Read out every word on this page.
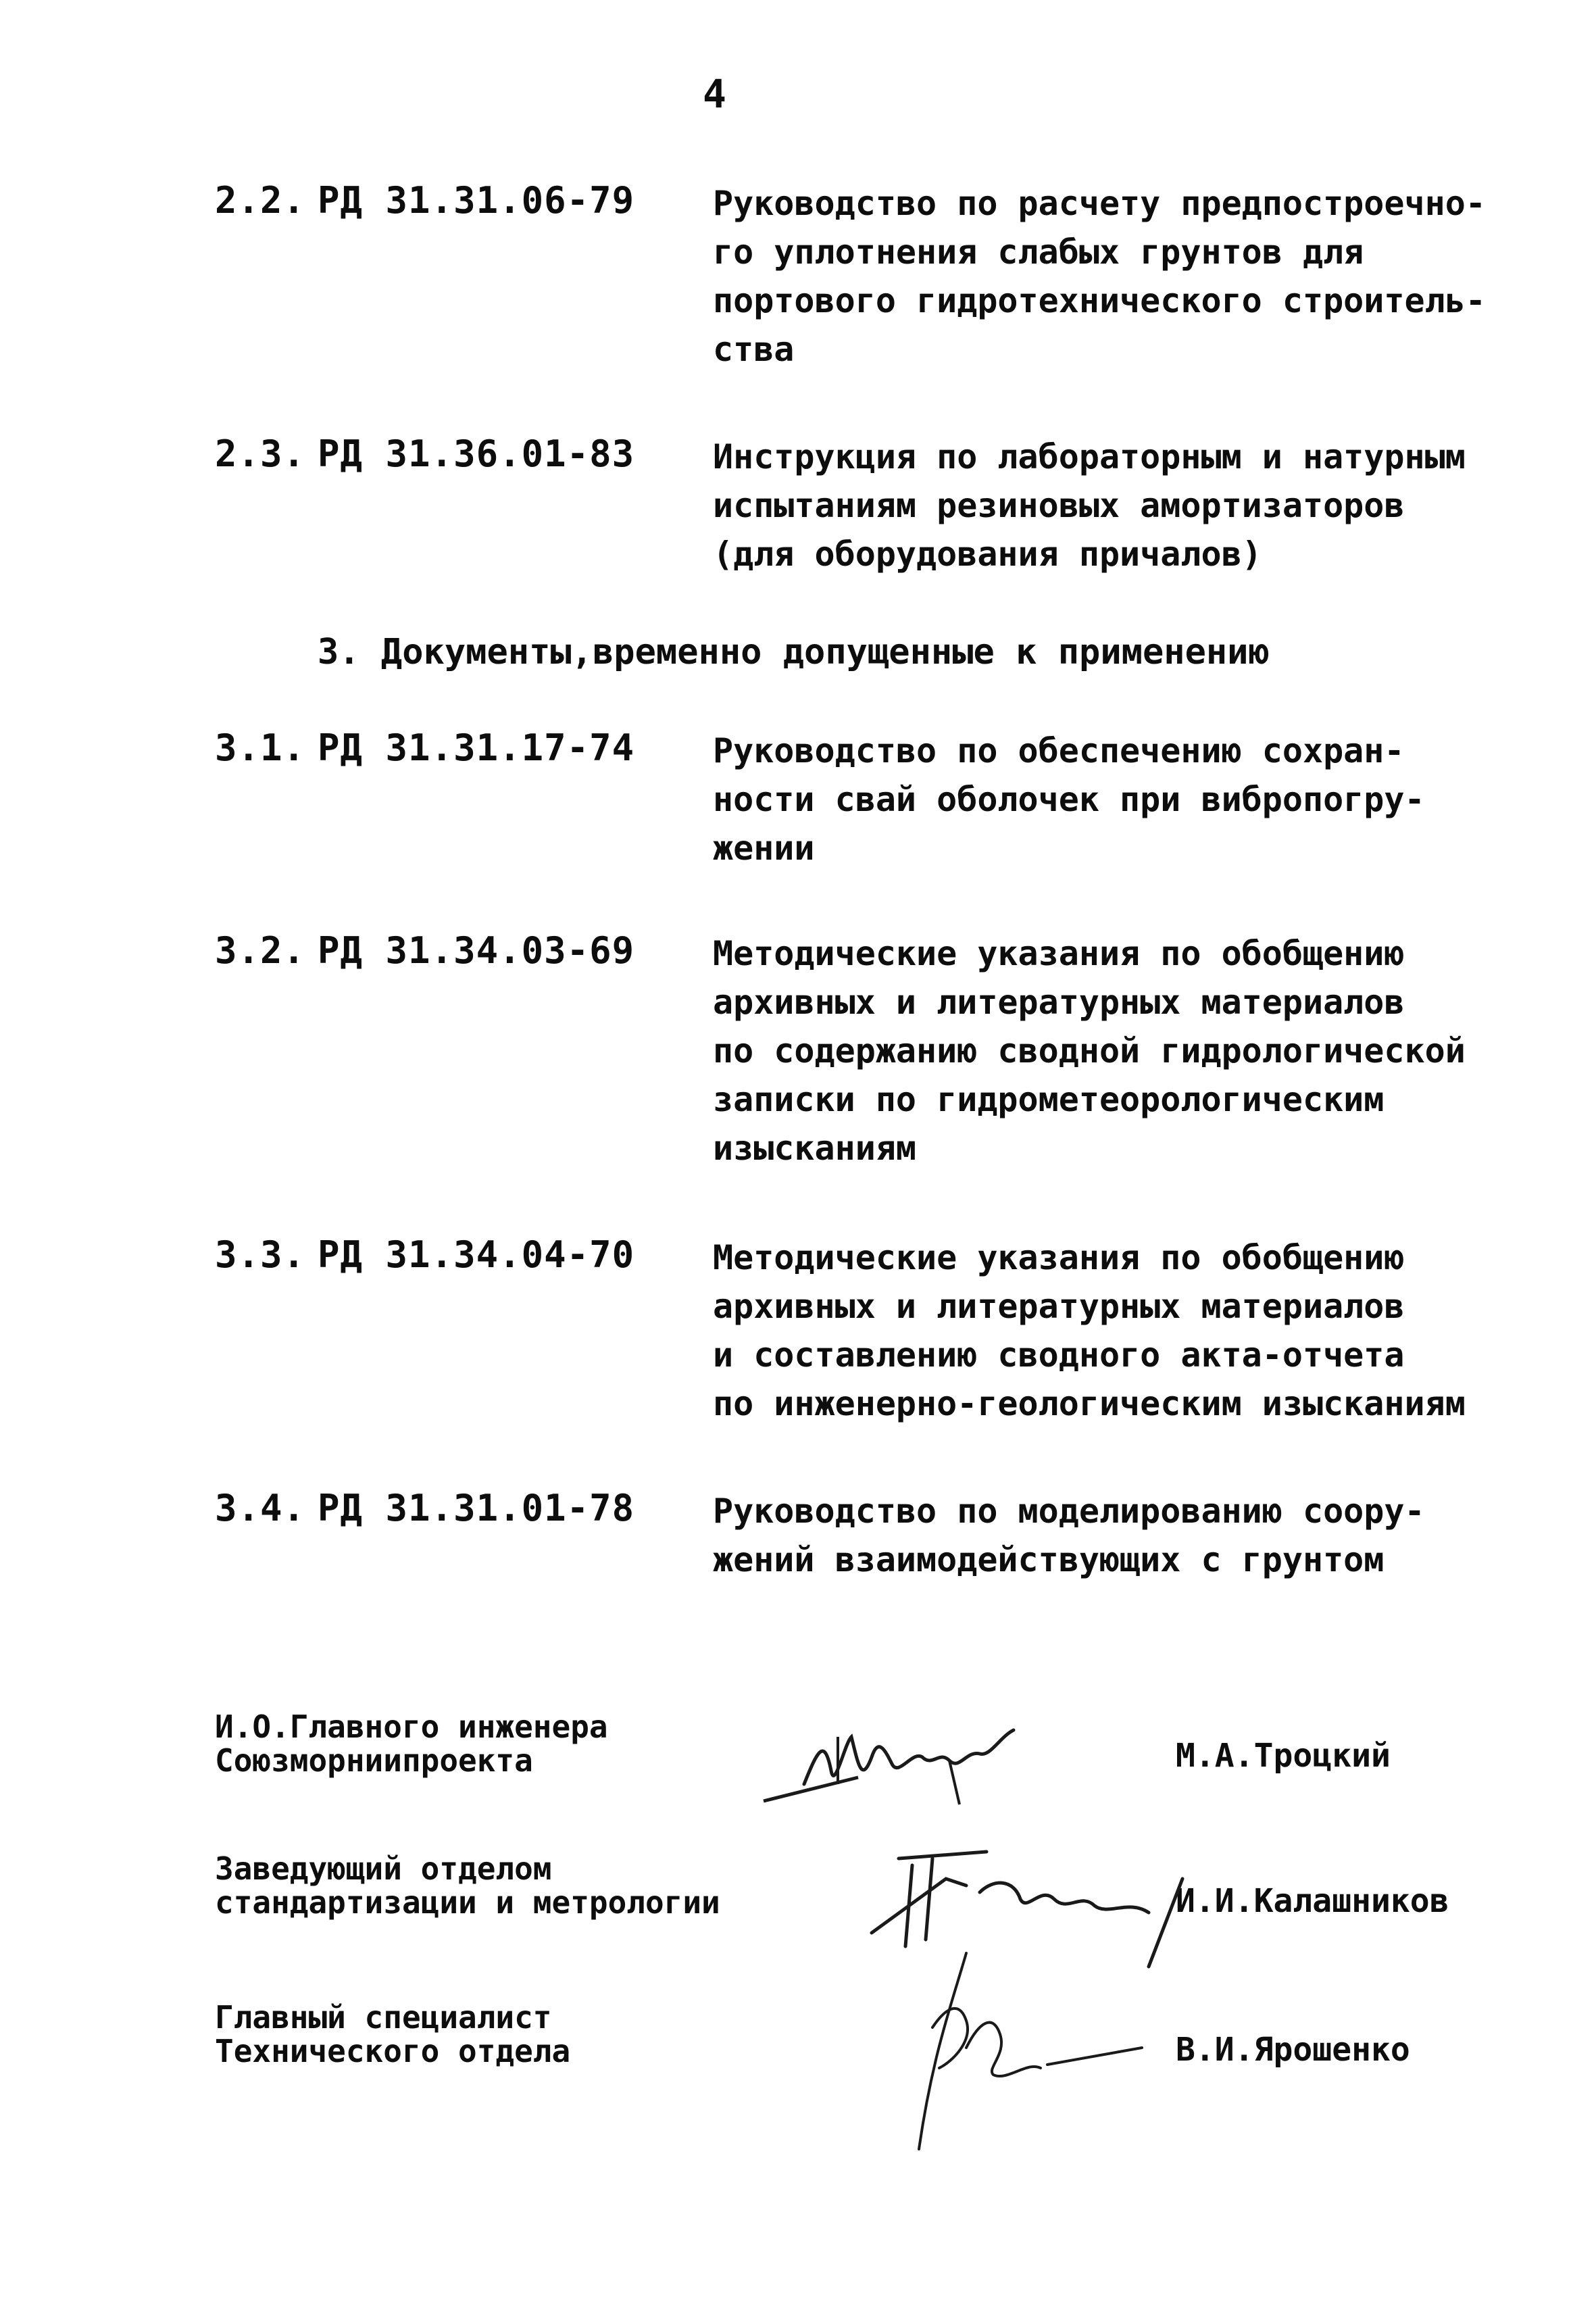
4
2.2. РД 31.31.06-79 Руководство по расчету предпостроечно-
го уплотнения слабых грунтов для
портового гидротехнического строитель-
ства
2.3. РД 31.36.01-83 Инструкция по лабораторным и натурным
испытаниям резиновых амортизаторов
(для оборудования причалов)
3. Документы,временно допущенные к применению
3.1. РД 31.31.17-74 Руководство по обеспечению сохран-
ности свай оболочек при вибропогру-
жении
3.2. РД 31.34.03-69 Методические указания по обобщению
архивных и литературных материалов
по содержанию сводной гидрологической
записки по гидрометеорологическим
изысканиям
3.3. РД 31.34.04-70 Методические указания по обобщению
архивных и литературных материалов
и составлению сводного акта-отчета
по инженерно-геологическим изысканиям
3.4. РД 31.31.01-78 Руководство по моделированию соору-
жений взаимодействующих с грунтом
И.О.Главного инженера
Союзморниипроекта	М.А.Троцкий
Заведующий отделом
стандартизации и метрологии	И.И.Калашников
Главный специалист
Технического отдела	В.И.Ярошенко
